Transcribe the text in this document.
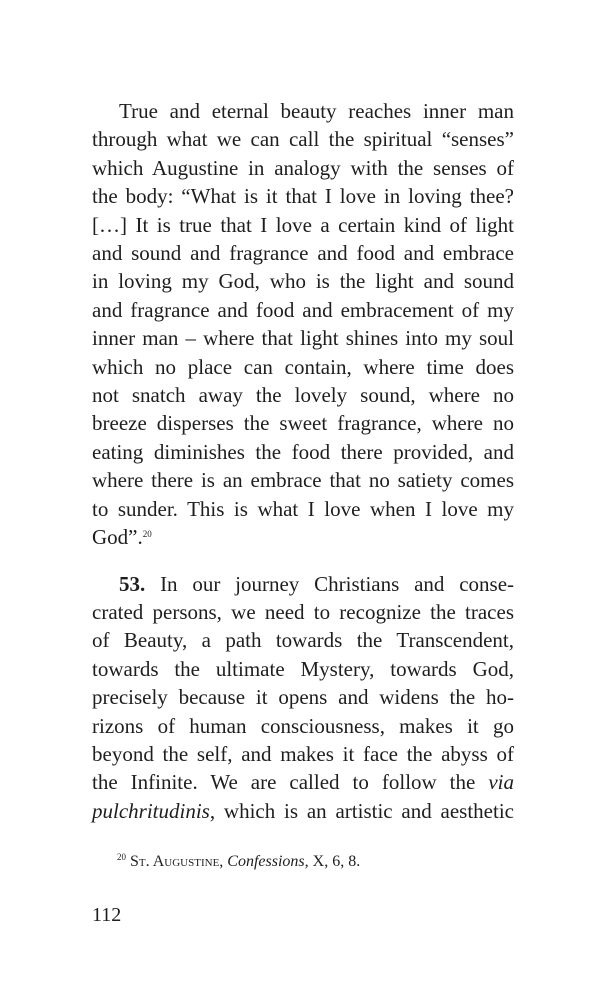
True and eternal beauty reaches inner man
through what we can call the spiritual “senses”
which Augustine in analogy with the senses of
the body: “What is it that I love in loving thee?
[…] It is true that I love a certain kind of light
and sound and fragrance and food and embrace
in loving my God, who is the light and sound
and fragrance and food and embracement of my
inner man – where that light shines into my soul
which no place can contain, where time does
not snatch away the lovely sound, where no
breeze disperses the sweet fragrance, where no
eating diminishes the food there provided, and
where there is an embrace that no satiety comes
to sunder. This is what I love when I love my
God”.$^{20}$
53. In our journey Christians and conse-
crated persons, we need to recognize the traces
of Beauty, a path towards the Transcendent,
towards the ultimate Mystery, towards God,
precisely because it opens and widens the ho-
rizons of human consciousness, makes it go
beyond the self, and makes it face the abyss of
the Infinite. We are called to follow the via
pulchritudinis, which is an artistic and aesthetic
$^{20}$ St. Augustine, Confessions, X, 6, 8.
112
